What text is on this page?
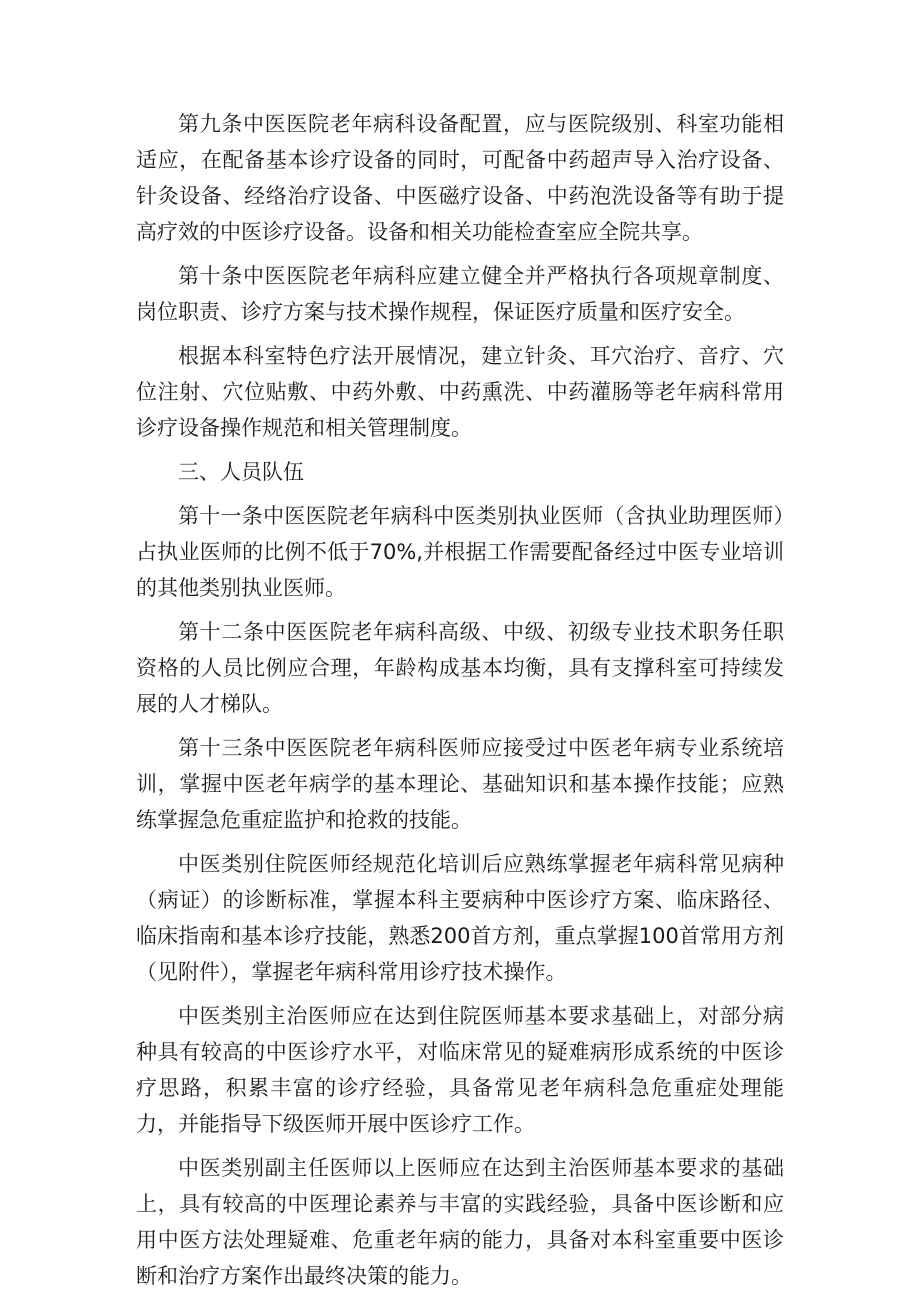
第九条中医医院老年病科设备配置，应与医院级别、科室功能相适应，在配备基本诊疗设备的同时，可配备中药超声导入治疗设备、针灸设备、经络治疗设备、中医磁疗设备、中药泡洗设备等有助于提高疗效的中医诊疗设备。设备和相关功能检查室应全院共享。

第十条中医医院老年病科应建立健全并严格执行各项规章制度、岗位职责、诊疗方案与技术操作规程，保证医疗质量和医疗安全。

根据本科室特色疗法开展情况，建立针灸、耳穴治疗、音疗、穴位注射、穴位贴敷、中药外敷、中药熏洗、中药灌肠等老年病科常用诊疗设备操作规范和相关管理制度。

三、人员队伍

第十一条中医医院老年病科中医类别执业医师（含执业助理医师）占执业医师的比例不低于70%,并根据工作需要配备经过中医专业培训的其他类别执业医师。

第十二条中医医院老年病科高级、中级、初级专业技术职务任职资格的人员比例应合理，年龄构成基本均衡，具有支撑科室可持续发展的人才梯队。

第十三条中医医院老年病科医师应接受过中医老年病专业系统培训，掌握中医老年病学的基本理论、基础知识和基本操作技能；应熟练掌握急危重症监护和抢救的技能。

中医类别住院医师经规范化培训后应熟练掌握老年病科常见病种（病证）的诊断标准，掌握本科主要病种中医诊疗方案、临床路径、临床指南和基本诊疗技能，熟悉200首方剂，重点掌握100首常用方剂（见附件），掌握老年病科常用诊疗技术操作。

中医类别主治医师应在达到住院医师基本要求基础上，对部分病种具有较高的中医诊疗水平，对临床常见的疑难病形成系统的中医诊疗思路，积累丰富的诊疗经验，具备常见老年病科急危重症处理能力，并能指导下级医师开展中医诊疗工作。

中医类别副主任医师以上医师应在达到主治医师基本要求的基础上，具有较高的中医理论素养与丰富的实践经验，具备中医诊断和应用中医方法处理疑难、危重老年病的能力，具备对本科室重要中医诊断和治疗方案作出最终决策的能力。
